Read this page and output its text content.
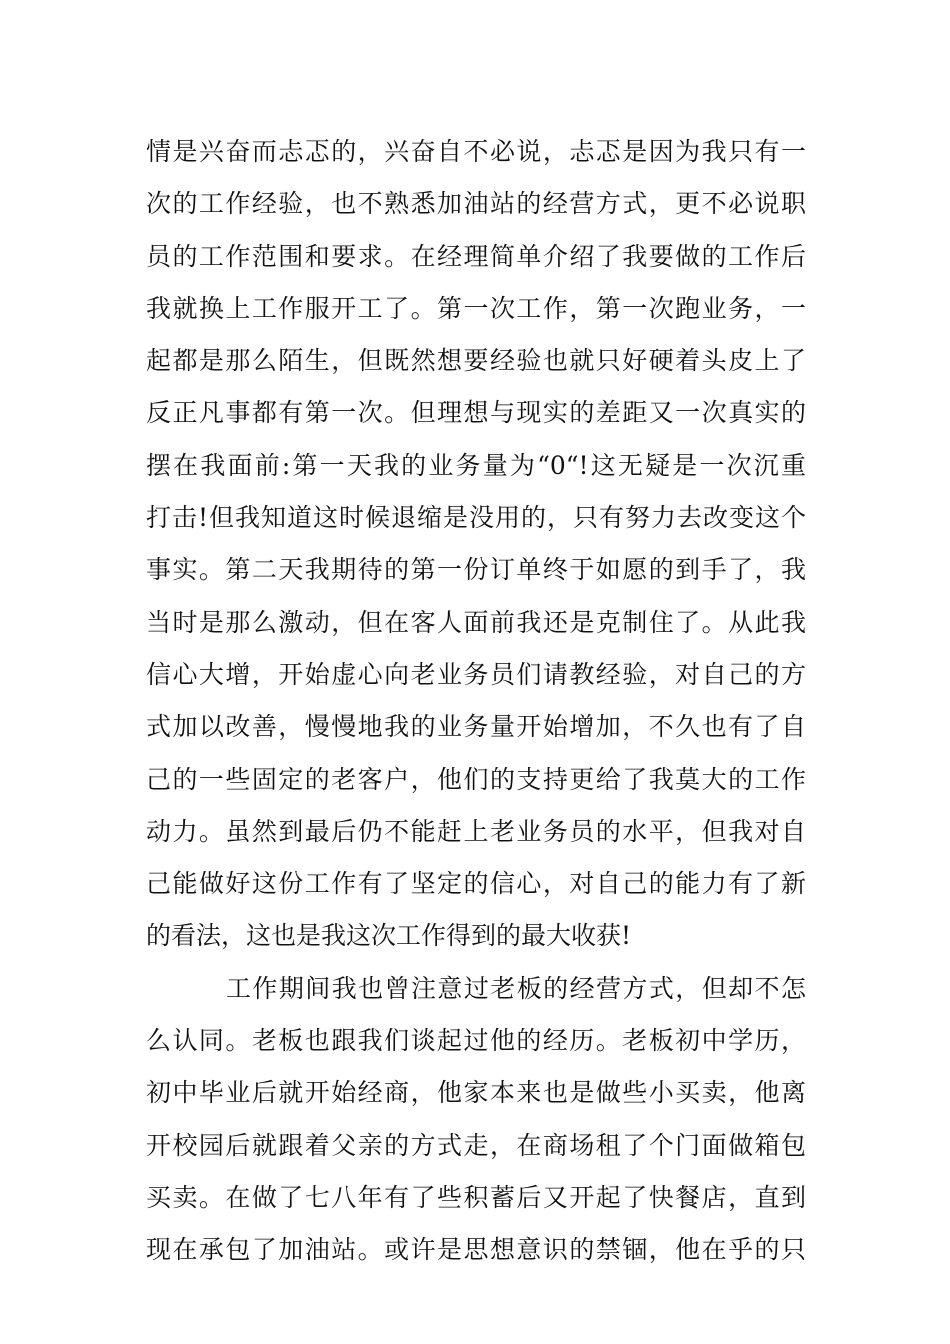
情是兴奋而忐忑的，兴奋自不必说，忐忑是因为我只有一
次的工作经验，也不熟悉加油站的经营方式，更不必说职
员的工作范围和要求。在经理简单介绍了我要做的工作后
我就换上工作服开工了。第一次工作，第一次跑业务，一
起都是那么陌生，但既然想要经验也就只好硬着头皮上了
反正凡事都有第一次。但理想与现实的差距又一次真实的
摆在我面前:第一天我的业务量为“0“!这无疑是一次沉重
打击!但我知道这时候退缩是没用的，只有努力去改变这个
事实。第二天我期待的第一份订单终于如愿的到手了，我
当时是那么激动，但在客人面前我还是克制住了。从此我
信心大增，开始虚心向老业务员们请教经验，对自己的方
式加以改善，慢慢地我的业务量开始增加，不久也有了自
己的一些固定的老客户，他们的支持更给了我莫大的工作
动力。虽然到最后仍不能赶上老业务员的水平，但我对自
己能做好这份工作有了坚定的信心，对自己的能力有了新
的看法，这也是我这次工作得到的最大收获!
工作期间我也曾注意过老板的经营方式，但却不怎
么认同。老板也跟我们谈起过他的经历。老板初中学历，
初中毕业后就开始经商，他家本来也是做些小买卖，他离
开校园后就跟着父亲的方式走，在商场租了个门面做箱包
买卖。在做了七八年有了些积蓄后又开起了快餐店，直到
现在承包了加油站。或许是思想意识的禁锢，他在乎的只
